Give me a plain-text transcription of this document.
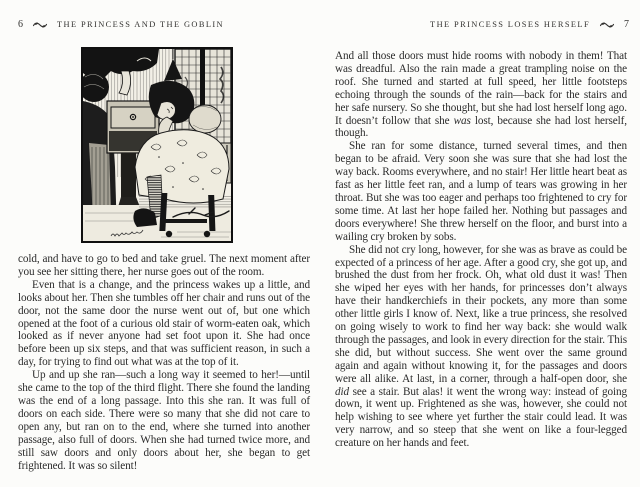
6	THE PRINCESS AND THE GOBLIN

cold, and have to go to bed and take gruel. The next moment after you see her sitting there, her nurse goes out of the room.

Even that is a change, and the princess wakes up a little, and looks about her. Then she tumbles off her chair and runs out of the door, not the same door the nurse went out of, but one which opened at the foot of a curious old stair of worm-eaten oak, which looked as if never anyone had set foot upon it. She had once before been up six steps, and that was sufficient reason, in such a day, for trying to find out what was at the top of it.

Up and up she ran—such a long way it seemed to her!—until she came to the top of the third flight. There she found the landing was the end of a long passage. Into this she ran. It was full of doors on each side. There were so many that she did not care to open any, but ran on to the end, where she turned into another passage, also full of doors. When she had turned twice more, and still saw doors and only doors about her, she began to get frightened. It was so silent!

THE PRINCESS LOSES HERSELF	7

And all those doors must hide rooms with nobody in them! That was dreadful. Also the rain made a great trampling noise on the roof. She turned and started at full speed, her little footsteps echoing through the sounds of the rain—back for the stairs and her safe nursery. So she thought, but she had lost herself long ago. It doesn’t follow that she was lost, because she had lost herself, though.

She ran for some distance, turned several times, and then began to be afraid. Very soon she was sure that she had lost the way back. Rooms everywhere, and no stair! Her little heart beat as fast as her little feet ran, and a lump of tears was growing in her throat. But she was too eager and perhaps too frightened to cry for some time. At last her hope failed her. Nothing but passages and doors everywhere! She threw herself on the floor, and burst into a wailing cry broken by sobs.

She did not cry long, however, for she was as brave as could be expected of a princess of her age. After a good cry, she got up, and brushed the dust from her frock. Oh, what old dust it was! Then she wiped her eyes with her hands, for princesses don’t always have their handkerchiefs in their pockets, any more than some other little girls I know of. Next, like a true princess, she resolved on going wisely to work to find her way back: she would walk through the passages, and look in every direction for the stair. This she did, but without success. She went over the same ground again and again without knowing it, for the passages and doors were all alike. At last, in a corner, through a half-open door, she did see a stair. But alas! it went the wrong way: instead of going down, it went up. Frightened as she was, however, she could not help wishing to see where yet further the stair could lead. It was very narrow, and so steep that she went on like a four-legged creature on her hands and feet.
